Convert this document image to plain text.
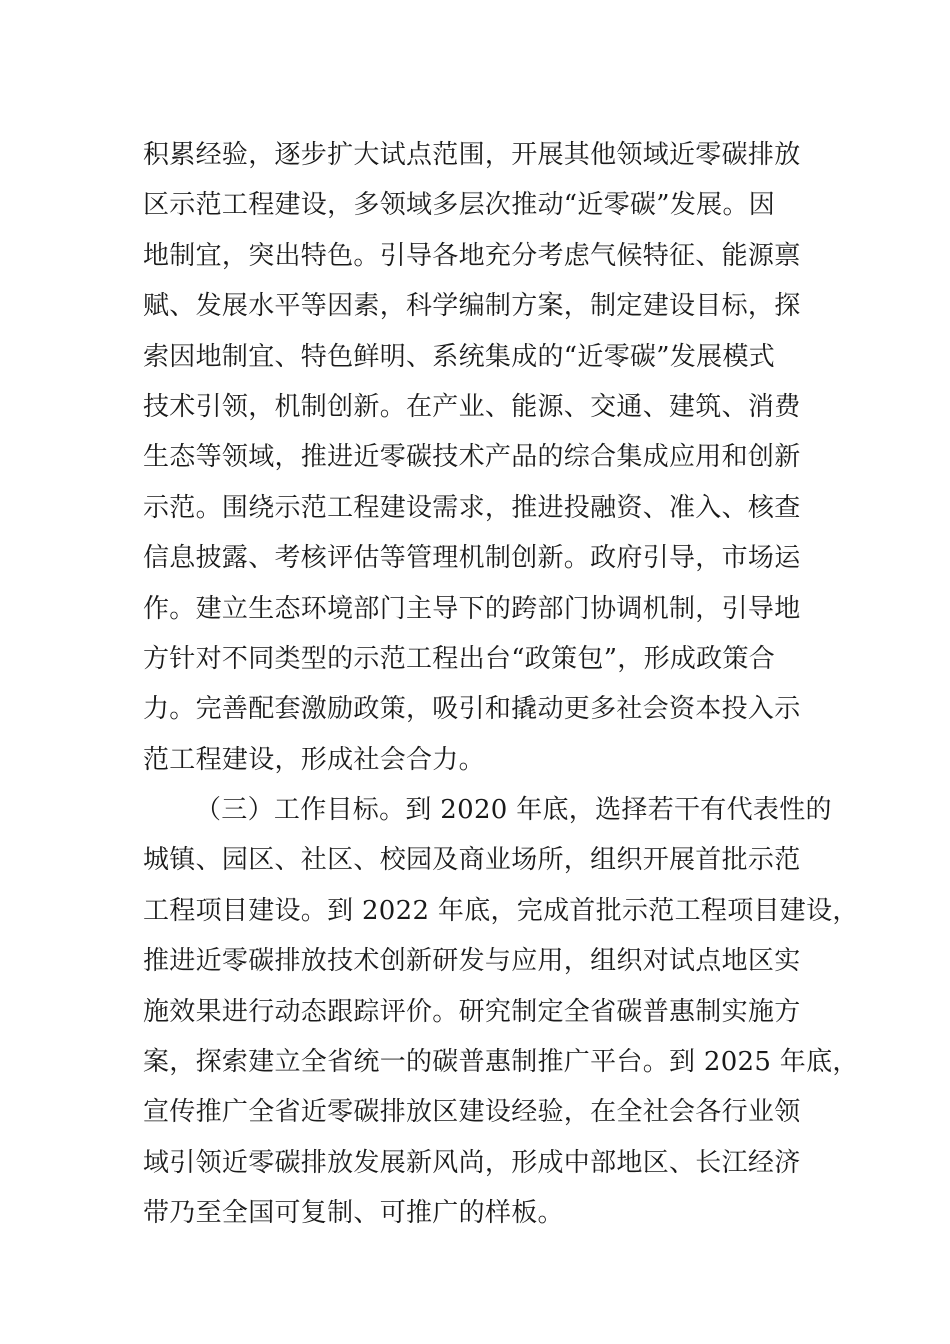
积累经验，逐步扩大试点范围，开展其他领域近零碳排放
区示范工程建设，多领域多层次推动“近零碳”发展。因
地制宜，突出特色。引导各地充分考虑气候特征、能源禀
赋、发展水平等因素，科学编制方案，制定建设目标，探
索因地制宜、特色鲜明、系统集成的“近零碳”发展模式
技术引领，机制创新。在产业、能源、交通、建筑、消费
生态等领域，推进近零碳技术产品的综合集成应用和创新
示范。围绕示范工程建设需求，推进投融资、准入、核查
信息披露、考核评估等管理机制创新。政府引导，市场运
作。建立生态环境部门主导下的跨部门协调机制，引导地
方针对不同类型的示范工程出台“政策包”，形成政策合
力。完善配套激励政策，吸引和撬动更多社会资本投入示
范工程建设，形成社会合力。
（三）工作目标。到 2020 年底，选择若干有代表性的
城镇、园区、社区、校园及商业场所，组织开展首批示范
工程项目建设。到 2022 年底，完成首批示范工程项目建设，
推进近零碳排放技术创新研发与应用，组织对试点地区实
施效果进行动态跟踪评价。研究制定全省碳普惠制实施方
案，探索建立全省统一的碳普惠制推广平台。到 2025 年底，
宣传推广全省近零碳排放区建设经验，在全社会各行业领
域引领近零碳排放发展新风尚，形成中部地区、长江经济
带乃至全国可复制、可推广的样板。
